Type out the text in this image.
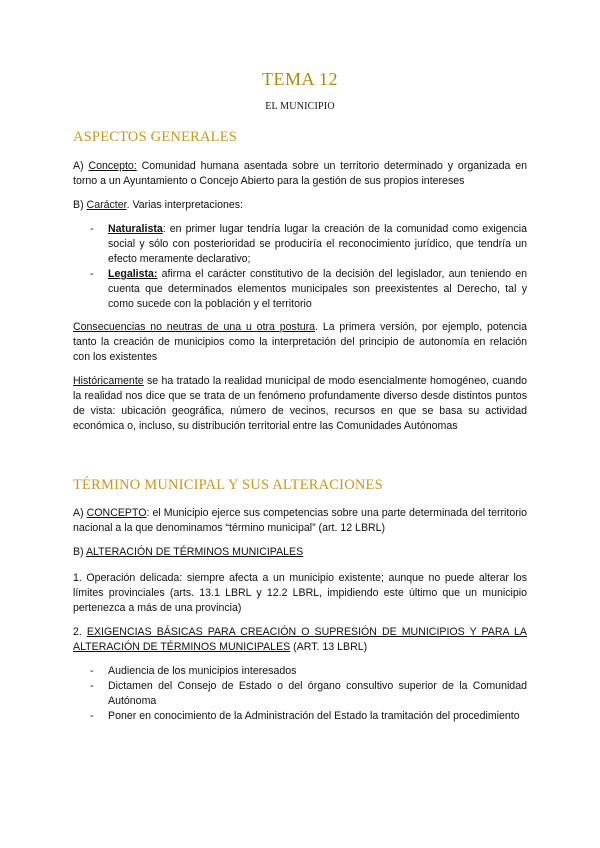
TEMA 12
EL MUNICIPIO
ASPECTOS GENERALES
A) Concepto: Comunidad humana asentada sobre un territorio determinado y organizada en torno a un Ayuntamiento o Concejo Abierto para la gestión de sus propios intereses
B) Carácter. Varias interpretaciones:
- Naturalista: en primer lugar tendría lugar la creación de la comunidad como exigencia social y sólo con posterioridad se produciría el reconocimiento jurídico, que tendría un efecto meramente declarativo;
- Legalista: afirma el carácter constitutivo de la decisión del legislador, aun teniendo en cuenta que determinados elementos municipales son preexistentes al Derecho, tal y como sucede con la población y el territorio
Consecuencias no neutras de una u otra postura. La primera versión, por ejemplo, potencia tanto la creación de municipios como la interpretación del principio de autonomía en relación con los existentes
Históricamente se ha tratado la realidad municipal de modo esencialmente homogéneo, cuando la realidad nos dice que se trata de un fenómeno profundamente diverso desde distintos puntos de vista: ubicación geográfica, número de vecinos, recursos en que se basa su actividad económica o, incluso, su distribución territorial entre las Comunidades Autónomas
TÉRMINO MUNICIPAL Y SUS ALTERACIONES
A) CONCEPTO: el Municipio ejerce sus competencias sobre una parte determinada del territorio nacional a la que denominamos “término municipal” (art. 12 LBRL)
B) ALTERACIÓN DE TÉRMINOS MUNICIPALES
1. Operación delicada: siempre afecta a un municipio existente; aunque no puede alterar los límites provinciales (arts. 13.1 LBRL y 12.2 LBRL, impidiendo este último que un municipio pertenezca a más de una provincia)
2. EXIGENCIAS BÁSICAS PARA CREACIÓN O SUPRESIÓN DE MUNICIPIOS Y PARA LA ALTERACIÓN DE TÉRMINOS MUNICIPALES (ART. 13 LBRL)
- Audiencia de los municipios interesados
- Dictamen del Consejo de Estado o del órgano consultivo superior de la Comunidad Autónoma
- Poner en conocimiento de la Administración del Estado la tramitación del procedimiento
